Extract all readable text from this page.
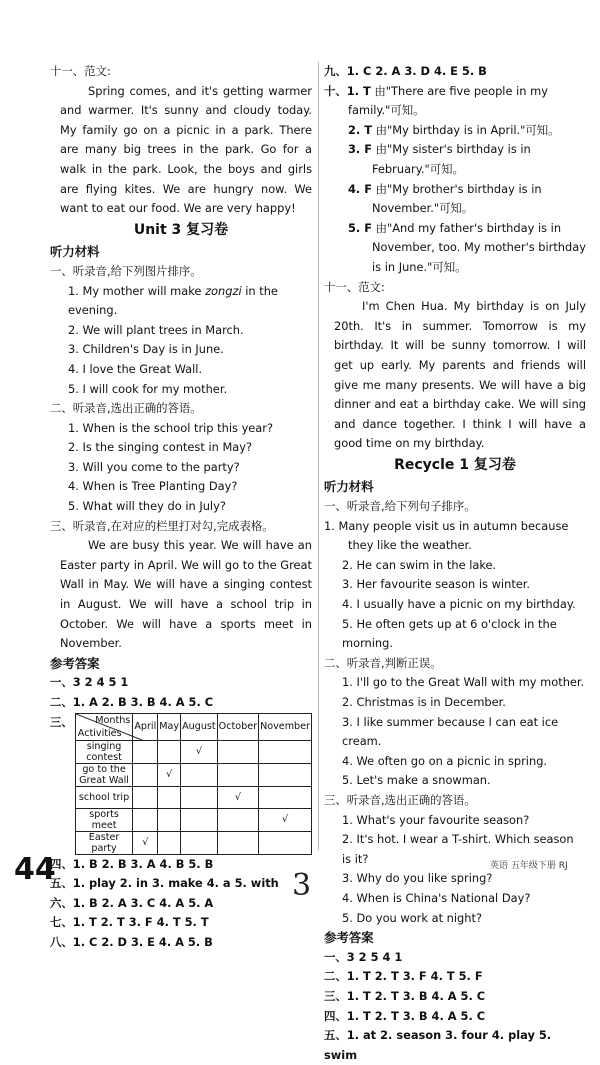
十一、范文:

Spring comes, and it's getting warmer and warmer. It's sunny and cloudy today. My family go on a picnic in a park. There are many big trees in the park. Go for a walk in the park. Look, the boys and girls are flying kites. We are hungry now. We want to eat our food. We are very happy!

Unit 3 复习卷

听力材料

一、听录音,给下列图片排序。

1. My mother will make zongzi in the evening.

2. We will plant trees in March.

3. Children's Day is in June.

4. I love the Great Wall.

5. I will cook for my mother.

二、听录音,选出正确的答语。

1. When is the school trip this year?

2. Is the singing contest in May?

3. Will you come to the party?

4. When is Tree Planting Day?

5. What will they do in July?

三、听录音,在对应的栏里打对勾,完成表格。

We are busy this year. We will have an Easter party in April. We will go to the Great Wall in May. We will have a singing contest in August. We will have a school trip in October. We will have a sports meet in November.

参考答案

一、3 2 4 5 1

二、1. A 2. B 3. B 4. A 5. C

三、 Months
Activities	April	May	August	October	November
singing contest			√		
go to the Great Wall		√			
school trip				√	
sports meet					√
Easter party	√				

四、1. B 2. B 3. A 4. B 5. B

五、1. play 2. in 3. make 4. a 5. with

六、1. B 2. A 3. C 4. A 5. A

七、1. T 2. T 3. F 4. T 5. T

八、1. C 2. D 3. E 4. A 5. B

九、1. C 2. A 3. D 4. E 5. B

十、1. T 由"There are five people in my family."可知。

2. T 由"My birthday is in April."可知。

3. F 由"My sister's birthday is in February."可知。

4. F 由"My brother's birthday is in November."可知。

5. F 由"And my father's birthday is in November, too. My mother's birthday is in June."可知。

十一、范文:

I'm Chen Hua. My birthday is on July 20th. It's in summer. Tomorrow is my birthday. It will be sunny tomorrow. I will get up early. My parents and friends will give me many presents. We will have a big dinner and eat a birthday cake. We will sing and dance together. I think I will have a good time on my birthday.

Recycle 1 复习卷

听力材料

一、听录音,给下列句子排序。

1. Many people visit us in autumn because they like the weather.

2. He can swim in the lake.

3. Her favourite season is winter.

4. I usually have a picnic on my birthday.

5. He often gets up at 6 o'clock in the morning.

二、听录音,判断正误。

1. I'll go to the Great Wall with my mother.

2. Christmas is in December.

3. I like summer because I can eat ice cream.

4. We often go on a picnic in spring.

5. Let's make a snowman.

三、听录音,选出正确的答语。

1. What's your favourite season?

2. It's hot. I wear a T-shirt. Which season is it?

3. Why do you like spring?

4. When is China's National Day?

5. Do you work at night?

参考答案

一、3 2 5 4 1

二、1. T 2. T 3. F 4. T 5. F

三、1. T 2. T 3. B 4. A 5. C

四、1. T 2. T 3. B 4. A 5. C

五、1. at 2. season 3. four 4. play 5. swim

44	3
英语 五年级下册 RJ
